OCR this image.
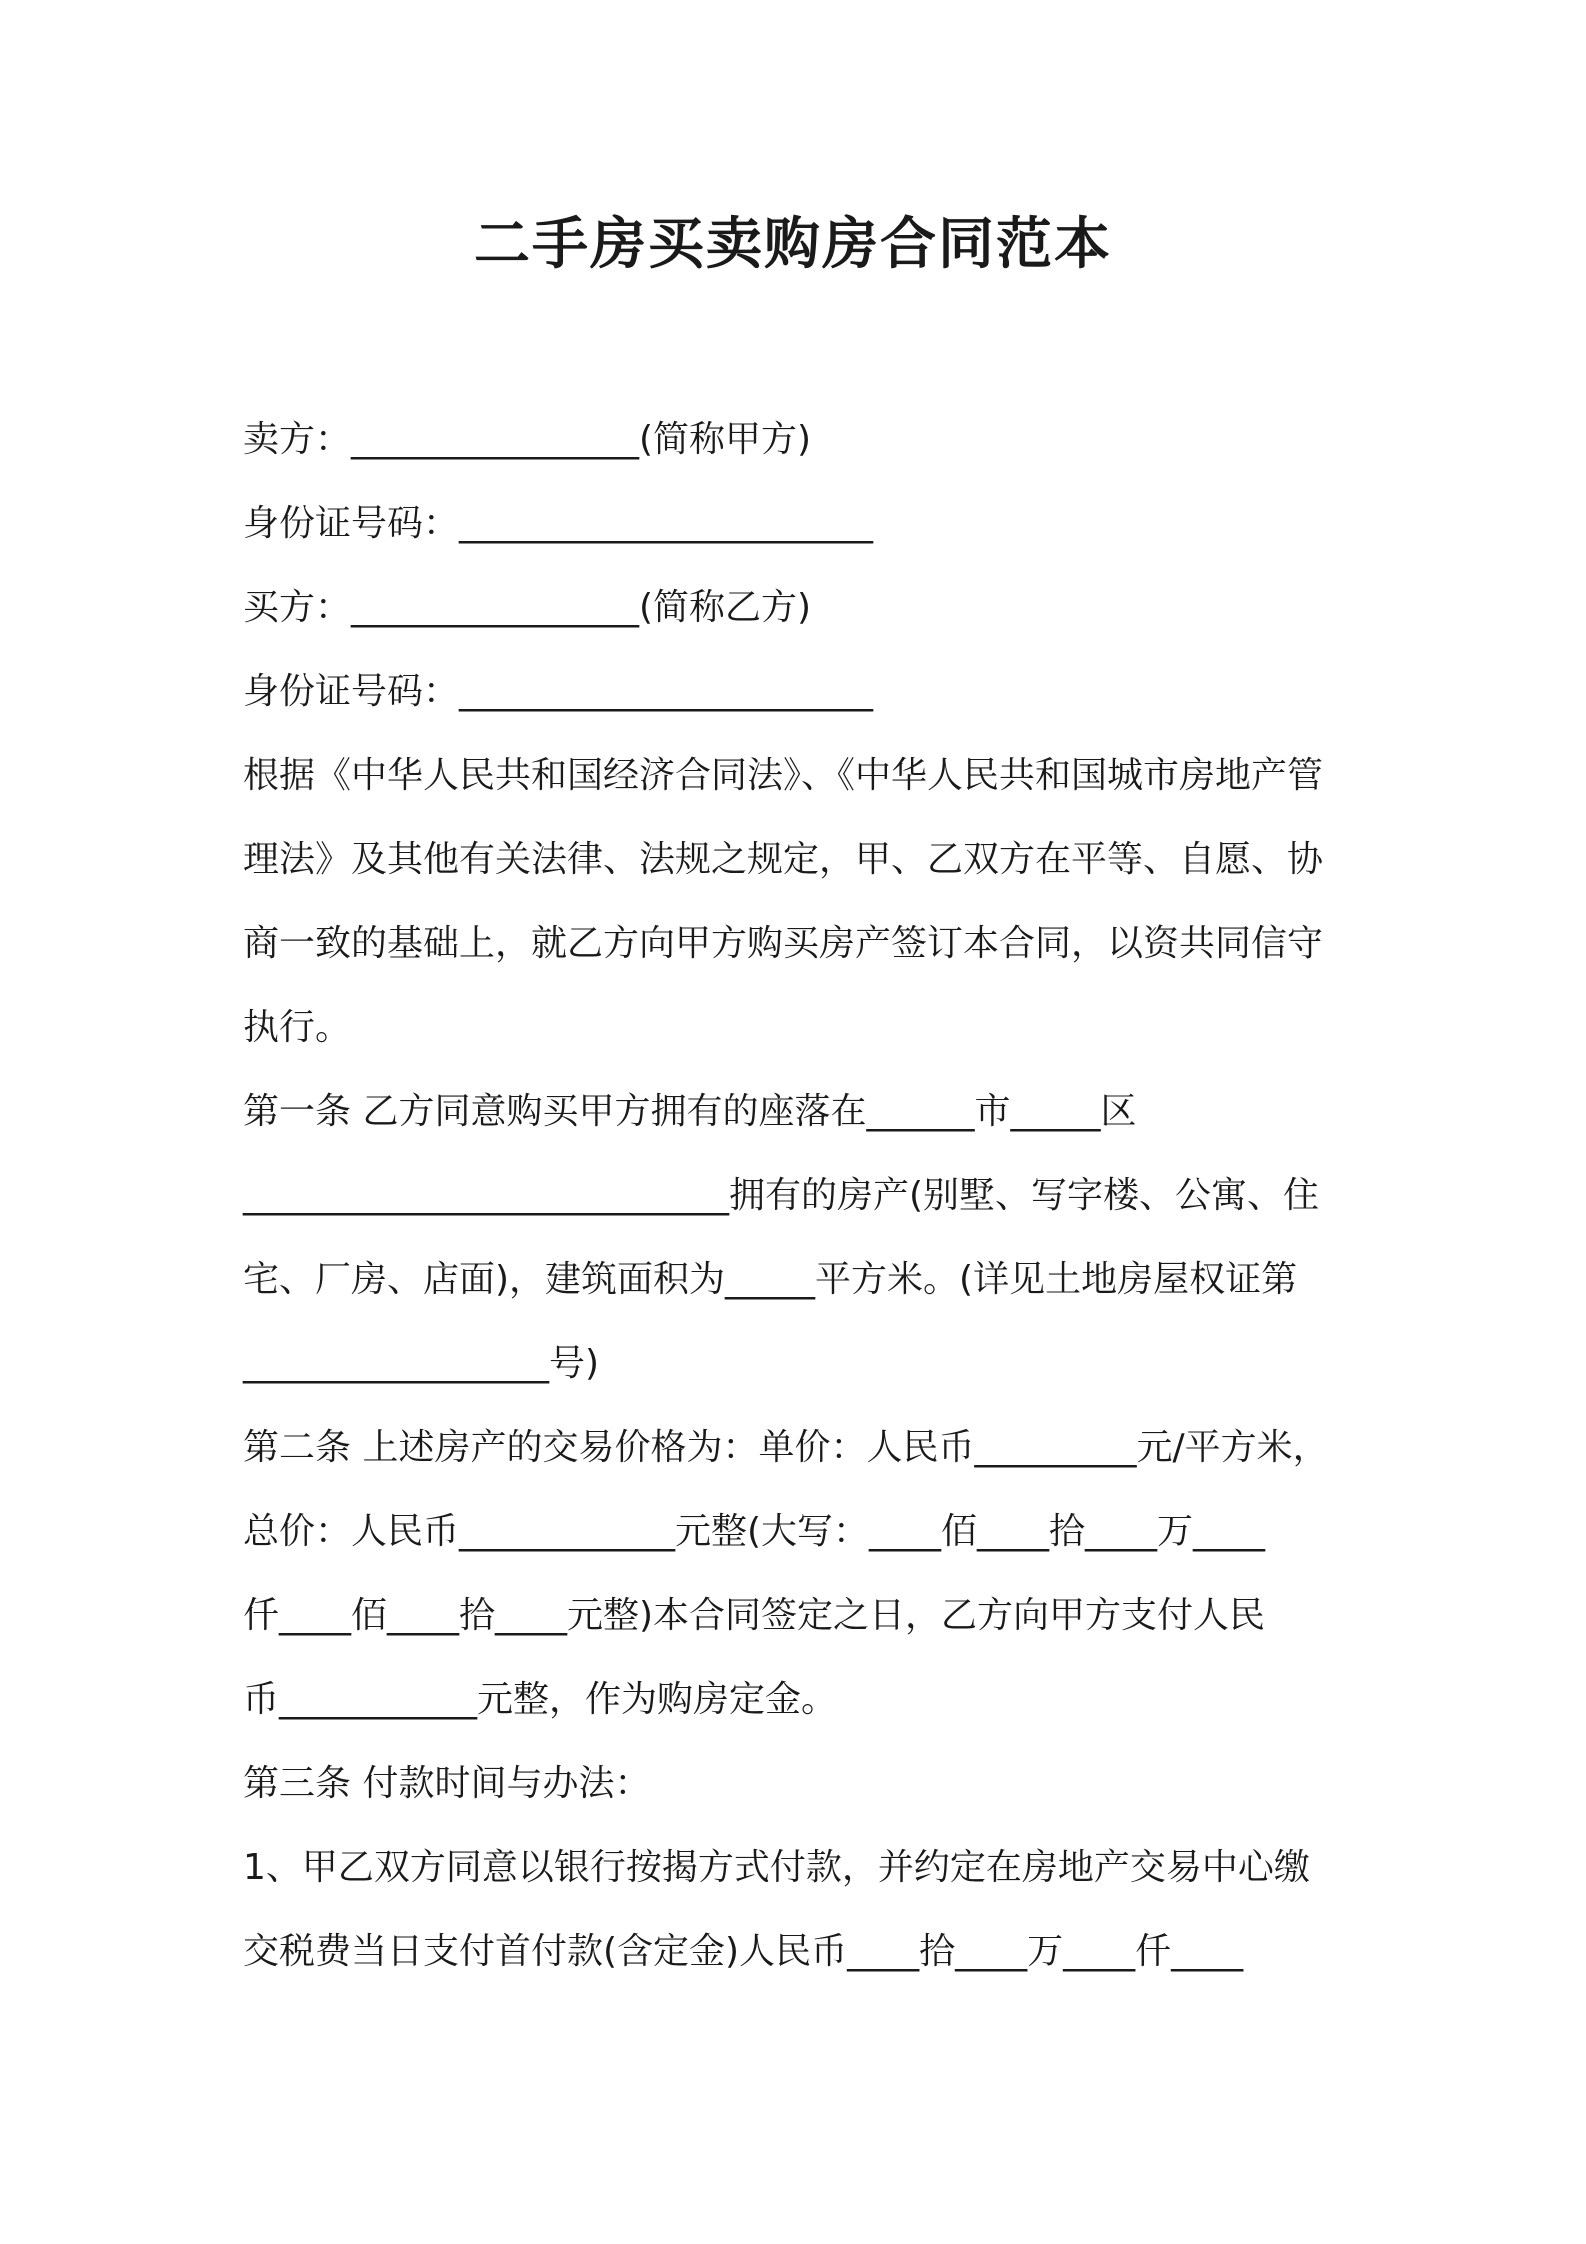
二手房买卖购房合同范本
卖方：________________(简称甲方)
身份证号码：_______________________
买方：________________(简称乙方)
身份证号码：_______________________
根据《中华人民共和国经济合同法》、《中华人民共和国城市房地产管
理法》及其他有关法律、法规之规定，甲、乙双方在平等、自愿、协
商一致的基础上，就乙方向甲方购买房产签订本合同，以资共同信守
执行。
第一条 乙方同意购买甲方拥有的座落在______市_____区
___________________________拥有的房产(别墅、写字楼、公寓、住
宅、厂房、店面)，建筑面积为_____平方米。(详见土地房屋权证第
_________________号)
第二条 上述房产的交易价格为：单价：人民币_________元/平方米，
总价：人民币____________元整(大写：____佰____拾____万____
仟____佰____拾____元整)本合同签定之日，乙方向甲方支付人民
币___________元整，作为购房定金。
第三条 付款时间与办法：
1、甲乙双方同意以银行按揭方式付款，并约定在房地产交易中心缴
交税费当日支付首付款(含定金)人民币____拾____万____仟____
